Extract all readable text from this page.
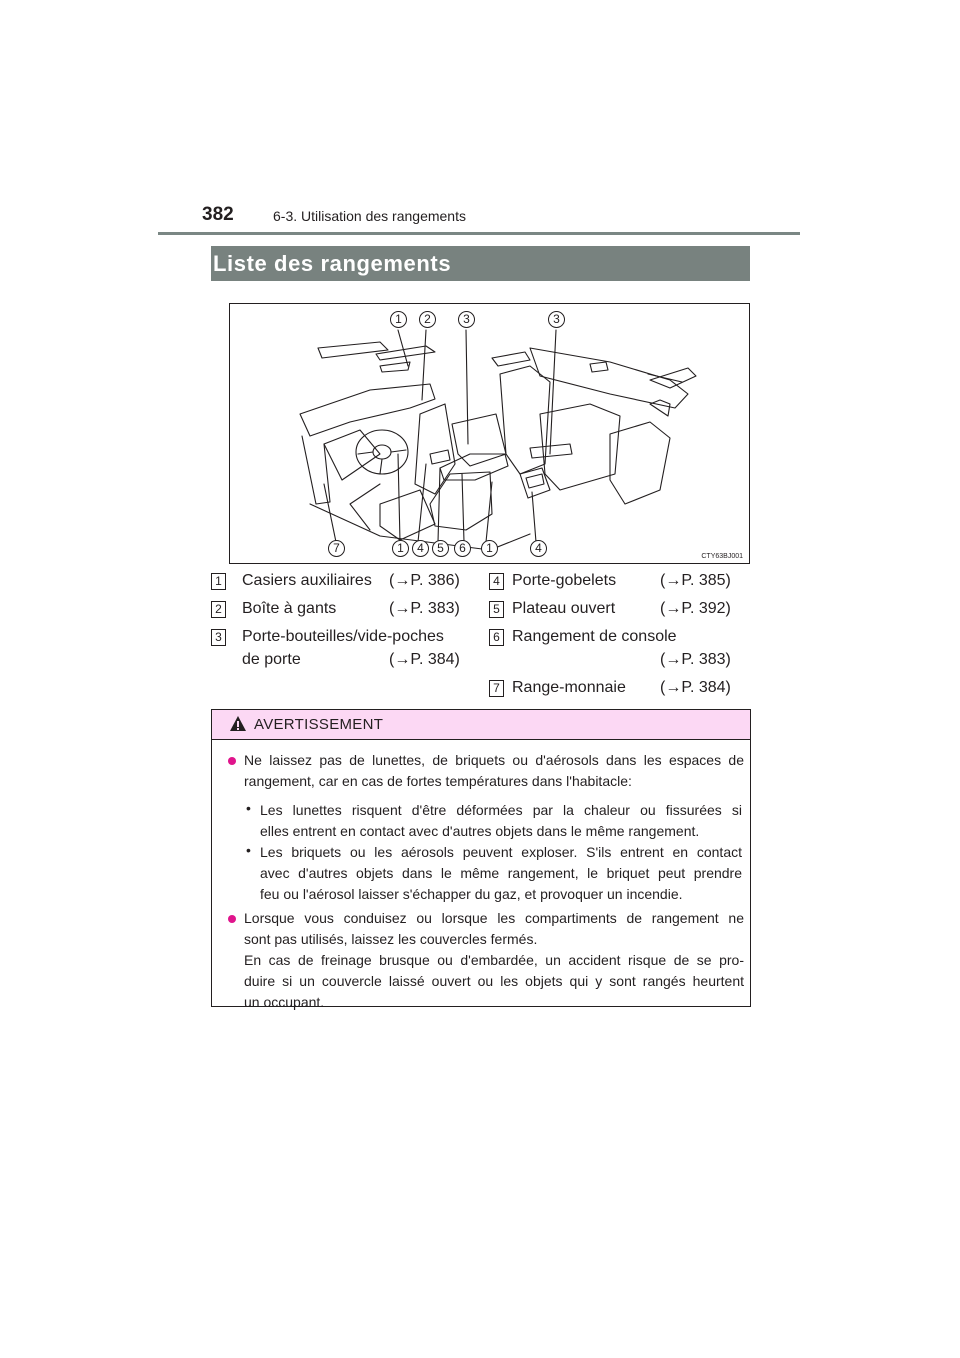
382	6-3. Utilisation des rangements
Liste des rangements
1	2	3	3
7	1	4	5	6	1	4
CTY63BJ001
1 Casiers auxiliaires (→P. 386)
2 Boîte à gants	(→P. 383)
3 Porte-bouteilles/vide-poches
de porte	(→P. 384)
4 Porte-gobelets	(→P. 385)
5 Plateau ouvert	(→P. 392)
6 Rangement de console
(→P. 383)
7 Range-monnaie (→P. 384)
AVERTISSEMENT
Ne laissez pas de lunettes, de briquets ou d'aérosols dans les espaces de
rangement, car en cas de fortes températures dans l'habitacle:
• Les lunettes risquent d'être déformées par la chaleur ou fissurées si
elles entrent en contact avec d'autres objets dans le même rangement.
• Les briquets ou les aérosols peuvent exploser. S'ils entrent en contact
avec d'autres objets dans le même rangement, le briquet peut prendre
feu ou l'aérosol laisser s'échapper du gaz, et provoquer un incendie.
Lorsque vous conduisez ou lorsque les compartiments de rangement ne
sont pas utilisés, laissez les couvercles fermés.
En cas de freinage brusque ou d'embardée, un accident risque de se pro-
duire si un couvercle laissé ouvert ou les objets qui y sont rangés heurtent
un occupant.
